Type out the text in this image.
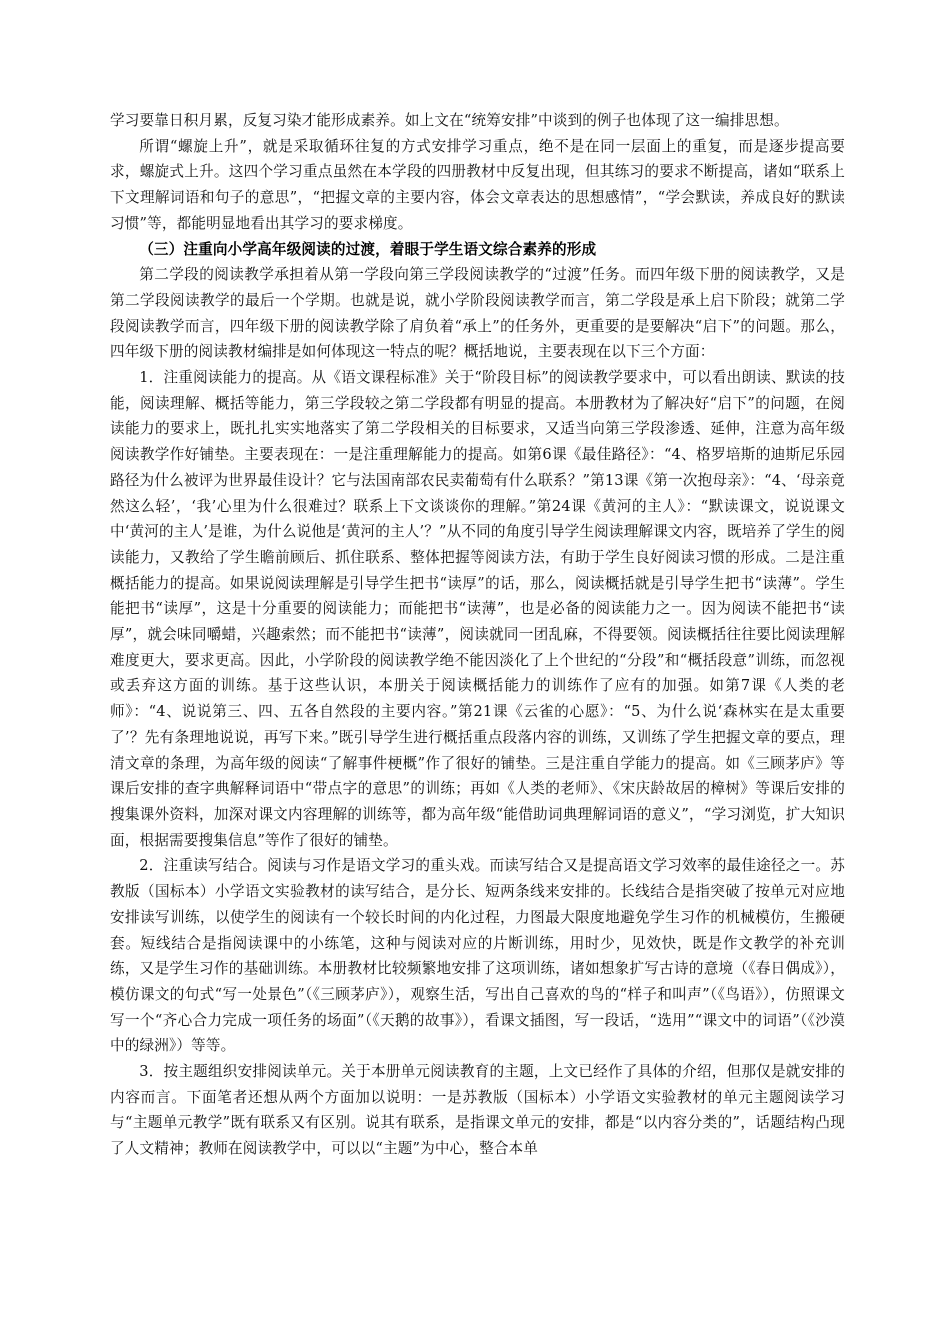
学习要靠日积月累，反复习染才能形成素养。如上文在“统筹安排”中谈到的例子也体现了这一编排思想。

所谓“螺旋上升”，就是采取循环往复的方式安排学习重点，绝不是在同一层面上的重复，而是逐步提高要求，螺旋式上升。这四个学习重点虽然在本学段的四册教材中反复出现，但其练习的要求不断提高，诸如“联系上下文理解词语和句子的意思”，“把握文章的主要内容，体会文章表达的思想感情”，“学会默读，养成良好的默读习惯”等，都能明显地看出其学习的要求梯度。

（三）注重向小学高年级阅读的过渡，着眼于学生语文综合素养的形成

第二学段的阅读教学承担着从第一学段向第三学段阅读教学的“过渡”任务。而四年级下册的阅读教学，又是第二学段阅读教学的最后一个学期。也就是说，就小学阶段阅读教学而言，第二学段是承上启下阶段；就第二学段阅读教学而言，四年级下册的阅读教学除了肩负着“承上”的任务外，更重要的是要解决“启下”的问题。那么，四年级下册的阅读教材编排是如何体现这一特点的呢？概括地说，主要表现在以下三个方面：

1．注重阅读能力的提高。从《语文课程标准》关于“阶段目标”的阅读教学要求中，可以看出朗读、默读的技能，阅读理解、概括等能力，第三学段较之第二学段都有明显的提高。本册教材为了解决好“启下”的问题，在阅读能力的要求上，既扎扎实实地落实了第二学段相关的目标要求，又适当向第三学段渗透、延伸，注意为高年级阅读教学作好铺垫。主要表现在：一是注重理解能力的提高。如第6课《最佳路径》：“4、格罗培斯的迪斯尼乐园路径为什么被评为世界最佳设计？它与法国南部农民卖葡萄有什么联系？”第13课《第一次抱母亲》：“4、‘母亲竟然这么轻’，‘我’心里为什么很难过？联系上下文谈谈你的理解。”第24课《黄河的主人》：“默读课文，说说课文中‘黄河的主人’是谁，为什么说他是‘黄河的主人’？”从不同的角度引导学生阅读理解课文内容，既培养了学生的阅读能力，又教给了学生瞻前顾后、抓住联系、整体把握等阅读方法，有助于学生良好阅读习惯的形成。二是注重概括能力的提高。如果说阅读理解是引导学生把书“读厚”的话，那么，阅读概括就是引导学生把书“读薄”。学生能把书“读厚”，这是十分重要的阅读能力；而能把书“读薄”，也是必备的阅读能力之一。因为阅读不能把书“读厚”，就会味同嚼蜡，兴趣索然；而不能把书“读薄”，阅读就同一团乱麻，不得要领。阅读概括往往要比阅读理解难度更大，要求更高。因此，小学阶段的阅读教学绝不能因淡化了上个世纪的“分段”和“概括段意”训练，而忽视或丢弃这方面的训练。基于这些认识，本册关于阅读概括能力的训练作了应有的加强。如第7课《人类的老师》：“4、说说第三、四、五各自然段的主要内容。”第21课《云雀的心愿》：“5、为什么说‘森林实在是太重要了’？先有条理地说说，再写下来。”既引导学生进行概括重点段落内容的训练，又训练了学生把握文章的要点，理清文章的条理，为高年级的阅读“了解事件梗概”作了很好的铺垫。三是注重自学能力的提高。如《三顾茅庐》等课后安排的查字典解释词语中“带点字的意思”的训练；再如《人类的老师》、《宋庆龄故居的樟树》等课后安排的搜集课外资料，加深对课文内容理解的训练等，都为高年级“能借助词典理解词语的意义”，“学习浏览，扩大知识面，根据需要搜集信息”等作了很好的铺垫。

2．注重读写结合。阅读与习作是语文学习的重头戏。而读写结合又是提高语文学习效率的最佳途径之一。苏教版（国标本）小学语文实验教材的读写结合，是分长、短两条线来安排的。长线结合是指突破了按单元对应地安排读写训练，以使学生的阅读有一个较长时间的内化过程，力图最大限度地避免学生习作的机械模仿，生搬硬套。短线结合是指阅读课中的小练笔，这种与阅读对应的片断训练，用时少，见效快，既是作文教学的补充训练，又是学生习作的基础训练。本册教材比较频繁地安排了这项训练，诸如想象扩写古诗的意境（《春日偶成》），模仿课文的句式“写一处景色”（《三顾茅庐》），观察生活，写出自己喜欢的鸟的“样子和叫声”（《鸟语》），仿照课文写一个“齐心合力完成一项任务的场面”（《天鹅的故事》），看课文插图，写一段话，“选用”“课文中的词语”（《沙漠中的绿洲》）等等。

3．按主题组织安排阅读单元。关于本册单元阅读教育的主题，上文已经作了具体的介绍，但那仅是就安排的内容而言。下面笔者还想从两个方面加以说明：一是苏教版（国标本）小学语文实验教材的单元主题阅读学习与“主题单元教学”既有联系又有区别。说其有联系，是指课文单元的安排，都是“以内容分类的”，话题结构凸现了人文精神；教师在阅读教学中，可以以“主题”为中心，整合本单
